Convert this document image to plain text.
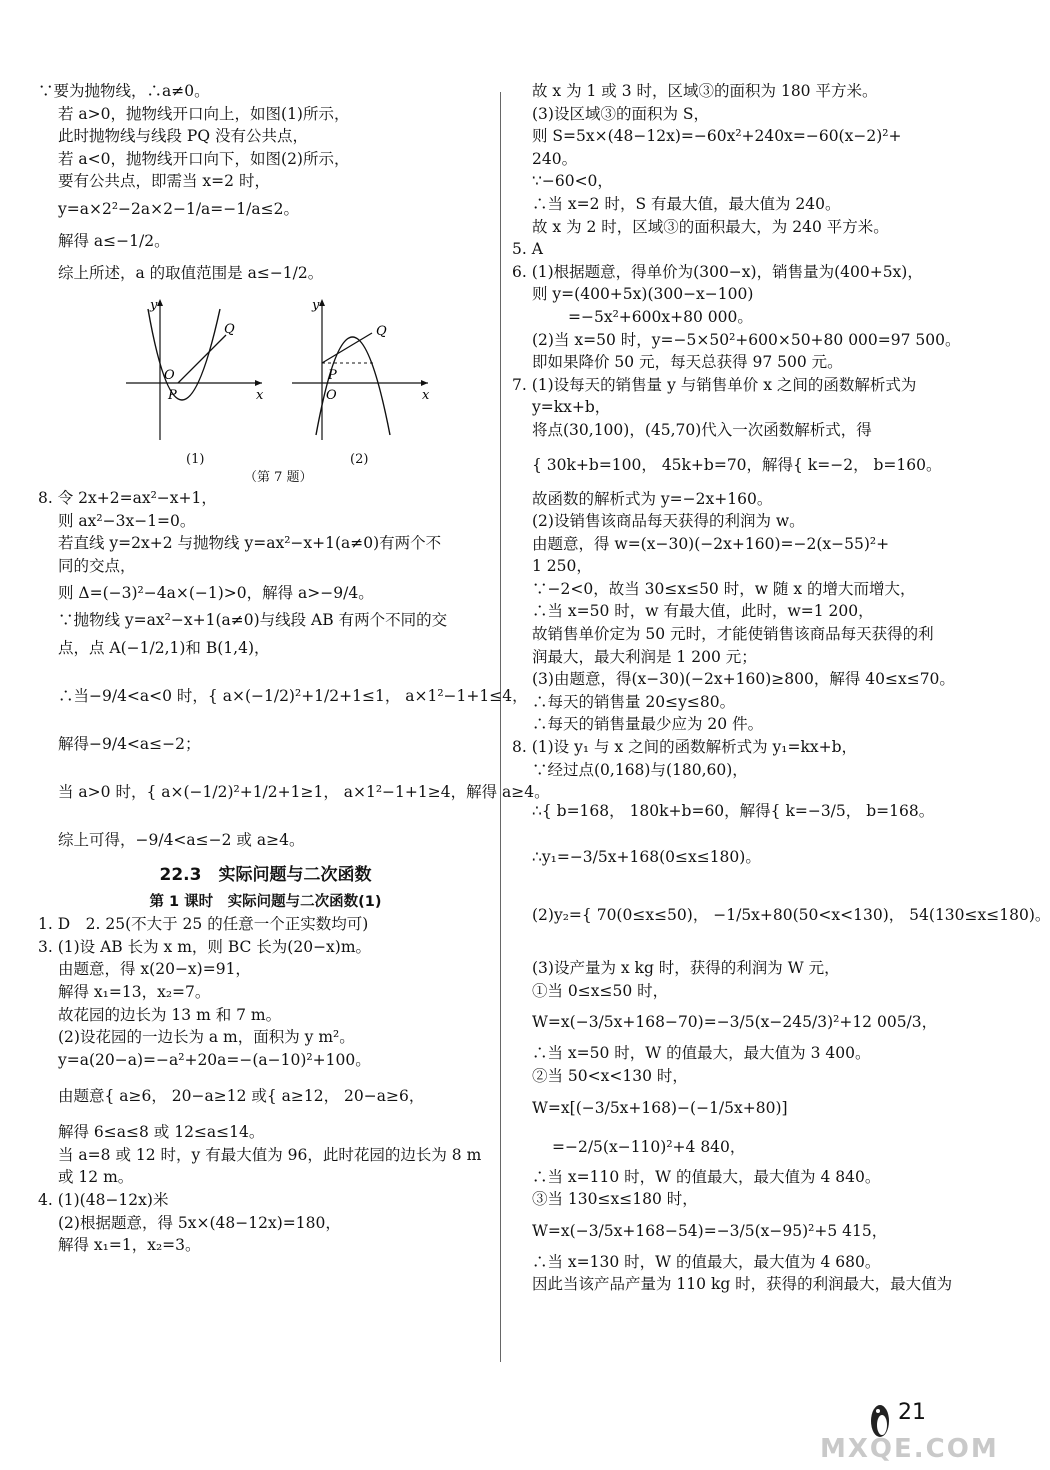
∵要为抛物线，∴a≠0。
若 a>0，抛物线开口向上，如图(1)所示，
此时抛物线与线段 PQ 没有公共点，
若 a<0，抛物线开口向下，如图(2)所示，
要有公共点，即需当 x=2 时，
y=a×2²−2a×2−1/a=−1/a≤2。
解得 a≤−1/2。
综上所述，a 的取值范围是 a≤−1/2。
y
x
O
P
Q
y
x
O
P
Q
(1)	(2)
（第 7 题）
8. 令 2x+2=ax²−x+1，
则 ax²−3x−1=0。
若直线 y=2x+2 与抛物线 y=ax²−x+1(a≠0)有两个不
同的交点，
则 Δ=(−3)²−4a×(−1)>0，解得 a>−9/4。
∵抛物线 y=ax²−x+1(a≠0)与线段 AB 有两个不同的交
点，点 A(−1/2,1)和 B(1,4)，
∴当−9/4<a<0 时，{ a×(−1/2)²+1/2+1≤1， a×1²−1+1≤4，
解得−9/4<a≤−2；
当 a>0 时，{ a×(−1/2)²+1/2+1≥1， a×1²−1+1≥4，解得 a≥4。
综上可得，−9/4<a≤−2 或 a≥4。
22.3　实际问题与二次函数
第 1 课时　实际问题与二次函数(1)
1. D　2. 25(不大于 25 的任意一个正实数均可)
3. (1)设 AB 长为 x m，则 BC 长为(20−x)m。
由题意，得 x(20−x)=91，
解得 x₁=13，x₂=7。
故花园的边长为 13 m 和 7 m。
(2)设花园的一边长为 a m，面积为 y m²。
y=a(20−a)=−a²+20a=−(a−10)²+100。
由题意{ a≥6， 20−a≥12 或{ a≥12， 20−a≥6，
解得 6≤a≤8 或 12≤a≤14。
当 a=8 或 12 时，y 有最大值为 96，此时花园的边长为 8 m
或 12 m。
4. (1)(48−12x)米
(2)根据题意，得 5x×(48−12x)=180，
解得 x₁=1，x₂=3。
故 x 为 1 或 3 时，区域③的面积为 180 平方米。
(3)设区域③的面积为 S，
则 S=5x×(48−12x)=−60x²+240x=−60(x−2)²+
240。
∵−60<0，
∴当 x=2 时，S 有最大值，最大值为 240。
故 x 为 2 时，区域③的面积最大，为 240 平方米。
5. A
6. (1)根据题意，得单价为(300−x)，销售量为(400+5x)，
则 y=(400+5x)(300−x−100)
=−5x²+600x+80 000。
(2)当 x=50 时，y=−5×50²+600×50+80 000=97 500。
即如果降价 50 元，每天总获得 97 500 元。
7. (1)设每天的销售量 y 与销售单价 x 之间的函数解析式为
y=kx+b，
将点(30,100)，(45,70)代入一次函数解析式，得
{ 30k+b=100， 45k+b=70，解得{ k=−2， b=160。
故函数的解析式为 y=−2x+160。
(2)设销售该商品每天获得的利润为 w。
由题意，得 w=(x−30)(−2x+160)=−2(x−55)²+
1 250，
∵−2<0，故当 30≤x≤50 时，w 随 x 的增大而增大，
∴当 x=50 时，w 有最大值，此时，w=1 200，
故销售单价定为 50 元时，才能使销售该商品每天获得的利
润最大，最大利润是 1 200 元；
(3)由题意，得(x−30)(−2x+160)≥800，解得 40≤x≤70。
∴每天的销售量 20≤y≤80。
∴每天的销售量最少应为 20 件。
8. (1)设 y₁ 与 x 之间的函数解析式为 y₁=kx+b，
∵经过点(0,168)与(180,60)，
∴{ b=168， 180k+b=60，解得{ k=−3/5， b=168。
∴y₁=−3/5x+168(0≤x≤180)。
(2)y₂={ 70(0≤x≤50)， −1/5x+80(50<x<130)， 54(130≤x≤180)。
(3)设产量为 x kg 时，获得的利润为 W 元，
①当 0≤x≤50 时，
W=x(−3/5x+168−70)=−3/5(x−245/3)²+12 005/3，
∴当 x=50 时，W 的值最大，最大值为 3 400。
②当 50<x<130 时，
W=x[(−3/5x+168)−(−1/5x+80)]
=−2/5(x−110)²+4 840，
∴当 x=110 时，W 的值最大，最大值为 4 840。
③当 130≤x≤180 时，
W=x(−3/5x+168−54)=−3/5(x−95)²+5 415，
∴当 x=130 时，W 的值最大，最大值为 4 680。
因此当该产品产量为 110 kg 时，获得的利润最大，最大值为
21
MXQE.COM
